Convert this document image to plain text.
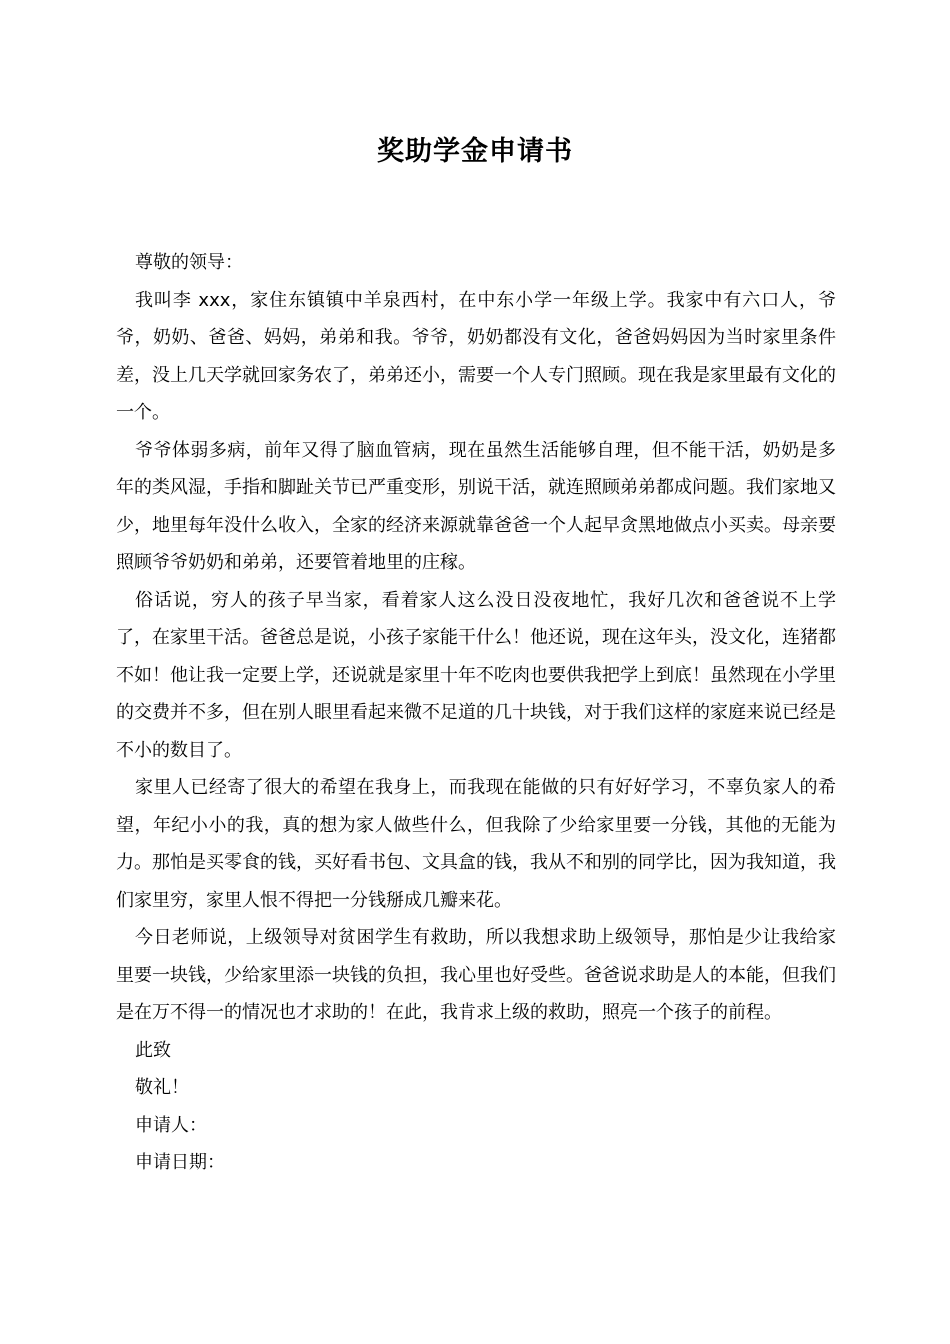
奖助学金申请书

尊敬的领导：

我叫李 xxx，家住东镇镇中羊泉西村，在中东小学一年级上学。我家中有六口人，爷爷，奶奶、爸爸、妈妈，弟弟和我。爷爷，奶奶都没有文化，爸爸妈妈因为当时家里条件差，没上几天学就回家务农了，弟弟还小，需要一个人专门照顾。现在我是家里最有文化的一个。

爷爷体弱多病，前年又得了脑血管病，现在虽然生活能够自理，但不能干活，奶奶是多年的类风湿，手指和脚趾关节已严重变形，别说干活，就连照顾弟弟都成问题。我们家地又少，地里每年没什么收入，全家的经济来源就靠爸爸一个人起早贪黑地做点小买卖。母亲要照顾爷爷奶奶和弟弟，还要管着地里的庄稼。

俗话说，穷人的孩子早当家，看着家人这么没日没夜地忙，我好几次和爸爸说不上学了，在家里干活。爸爸总是说，小孩子家能干什么！他还说，现在这年头，没文化，连猪都不如！他让我一定要上学，还说就是家里十年不吃肉也要供我把学上到底！虽然现在小学里的交费并不多，但在别人眼里看起来微不足道的几十块钱，对于我们这样的家庭来说已经是不小的数目了。

家里人已经寄了很大的希望在我身上，而我现在能做的只有好好学习，不辜负家人的希望，年纪小小的我，真的想为家人做些什么，但我除了少给家里要一分钱，其他的无能为力。那怕是买零食的钱，买好看书包、文具盒的钱，我从不和别的同学比，因为我知道，我们家里穷，家里人恨不得把一分钱掰成几瓣来花。

今日老师说，上级领导对贫困学生有救助，所以我想求助上级领导，那怕是少让我给家里要一块钱，少给家里添一块钱的负担，我心里也好受些。爸爸说求助是人的本能，但我们是在万不得一的情况也才求助的！在此，我肯求上级的救助，照亮一个孩子的前程。

此致

敬礼！

申请人：

申请日期：
